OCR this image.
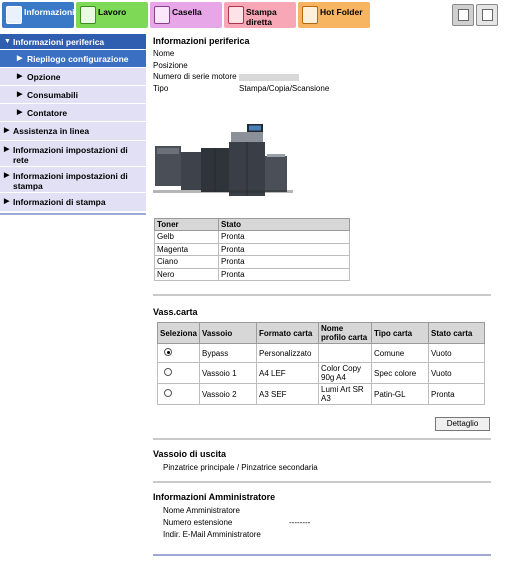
Informazioni	Lavoro	Casella	Stampa
diretta
Hot Folder
▼ Informazioni periferica
▶ Riepilogo configurazione
▶ Opzione
▶ Consumabili
▶ Contatore
▶ Assistenza in linea
▶ Informazioni impostazioni di rete
▶ Informazioni impostazioni di stampa
▶ Informazioni di stampa
Informazioni periferica
Nome
Posizione
Numero di serie motore
Tipo	Stampa/Copia/Scansione
Toner	Stato
Gelb	Pronta
Magenta	Pronta
Ciano	Pronta
Nero	Pronta
Vass.carta
Seleziona	Vassoio	Formato carta	Nome profilo carta	Tipo carta	Stato carta
	Bypass	Personalizzato		Comune	Vuoto
	Vassoio 1	A4 LEF	Color Copy 90g A4	Spec colore	Vuoto
	Vassoio 2	A3 SEF	Lumi Art SR A3	Patin-GL	Pronta
Dettaglio
Vassoio di uscita
Pinzatrice principale / Pinzatrice secondaria
Informazioni Amministratore
Nome Amministratore
Numero estensione	--------
Indir. E-Mail Amministratore
